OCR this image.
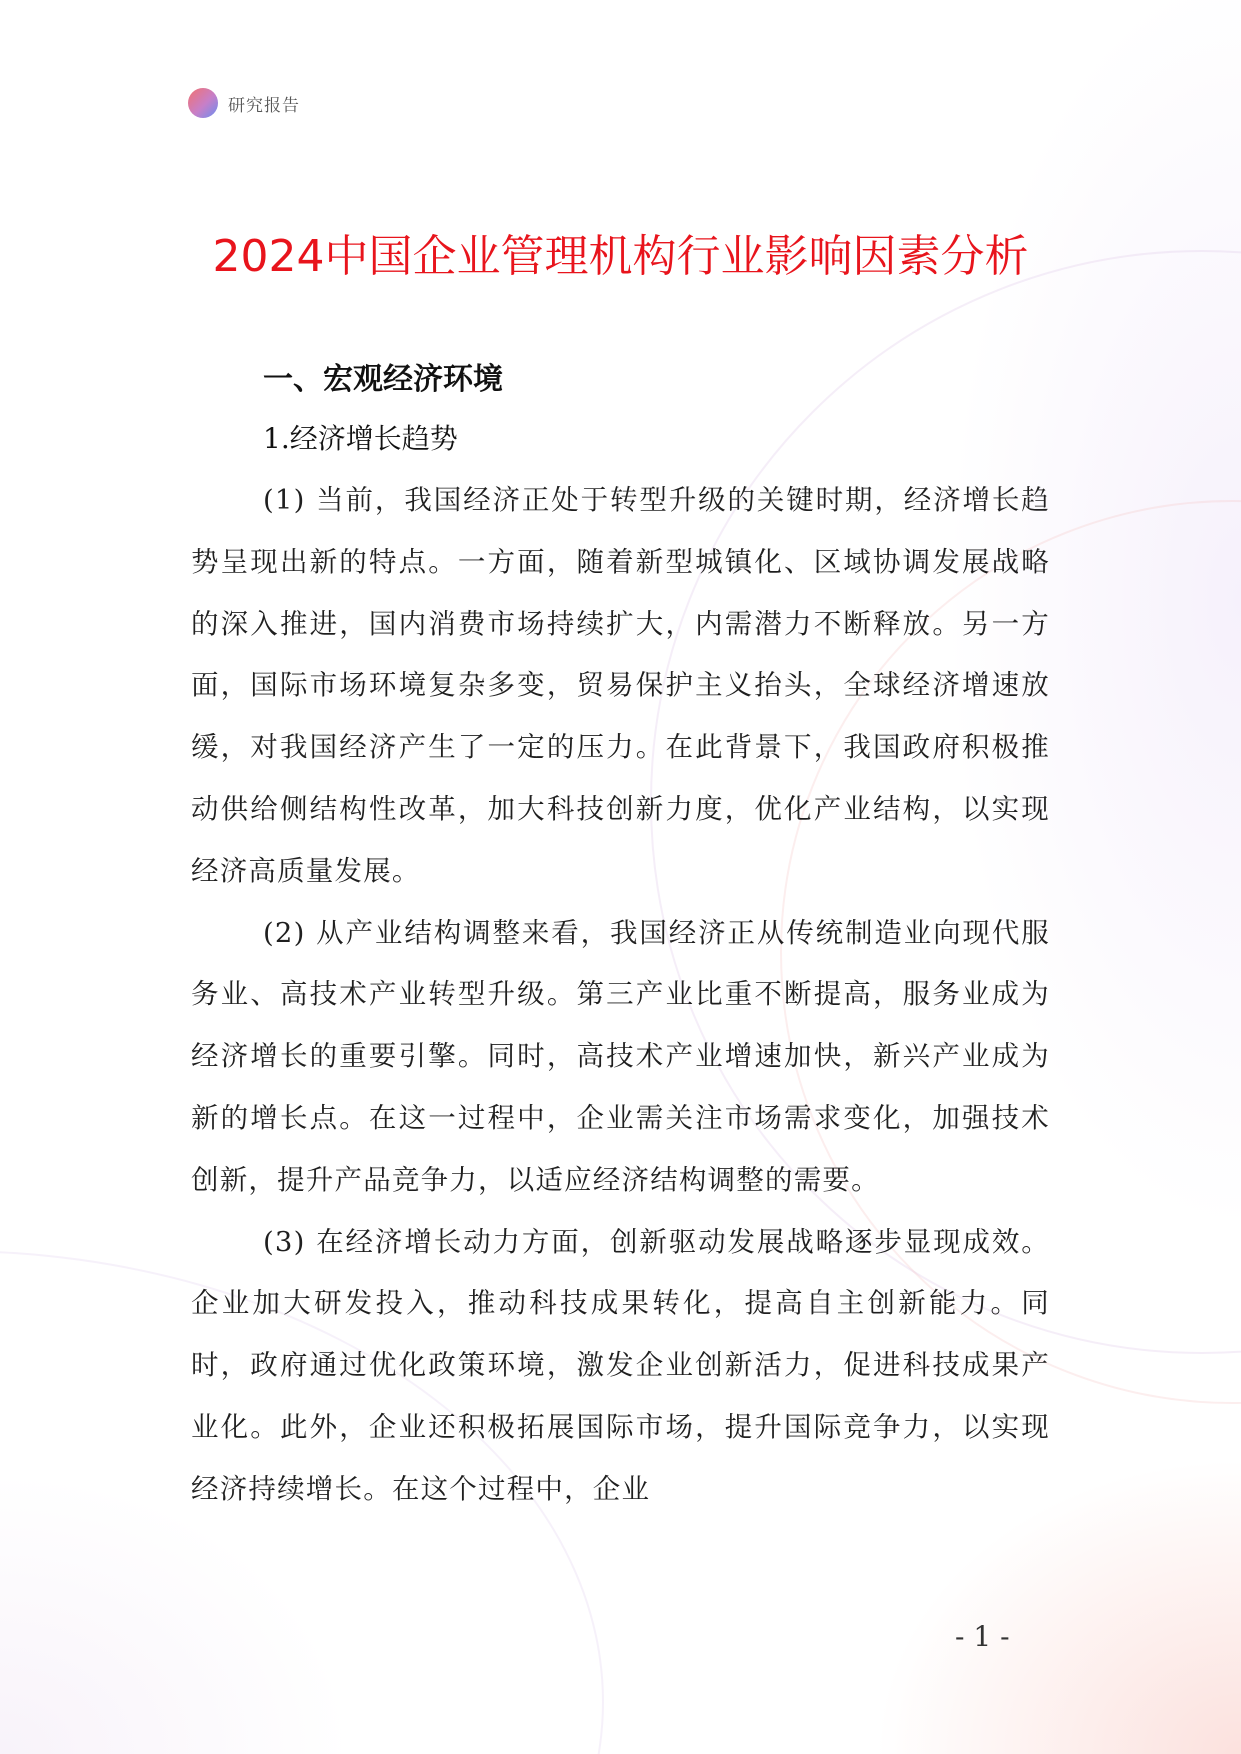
研究报告
2024中国企业管理机构行业影响因素分析
一、宏观经济环境
1.经济增长趋势

(1) 当前，我国经济正处于转型升级的关键时期，经济增长趋势呈现出新的特点。一方面，随着新型城镇化、区域协调发展战略的深入推进，国内消费市场持续扩大，内需潜力不断释放。另一方面，国际市场环境复杂多变，贸易保护主义抬头，全球经济增速放缓，对我国经济产生了一定的压力。在此背景下，我国政府积极推动供给侧结构性改革，加大科技创新力度，优化产业结构，以实现经济高质量发展。

(2) 从产业结构调整来看，我国经济正从传统制造业向现代服务业、高技术产业转型升级。第三产业比重不断提高，服务业成为经济增长的重要引擎。同时，高技术产业增速加快，新兴产业成为新的增长点。在这一过程中，企业需关注市场需求变化，加强技术创新，提升产品竞争力，以适应经济结构调整的需要。

(3) 在经济增长动力方面，创新驱动发展战略逐步显现成效。企业加大研发投入，推动科技成果转化，提高自主创新能力。同时，政府通过优化政策环境，激发企业创新活力，促进科技成果产业化。此外，企业还积极拓展国际市场，提升国际竞争力，以实现经济持续增长。在这个过程中，企业

- 1 -
